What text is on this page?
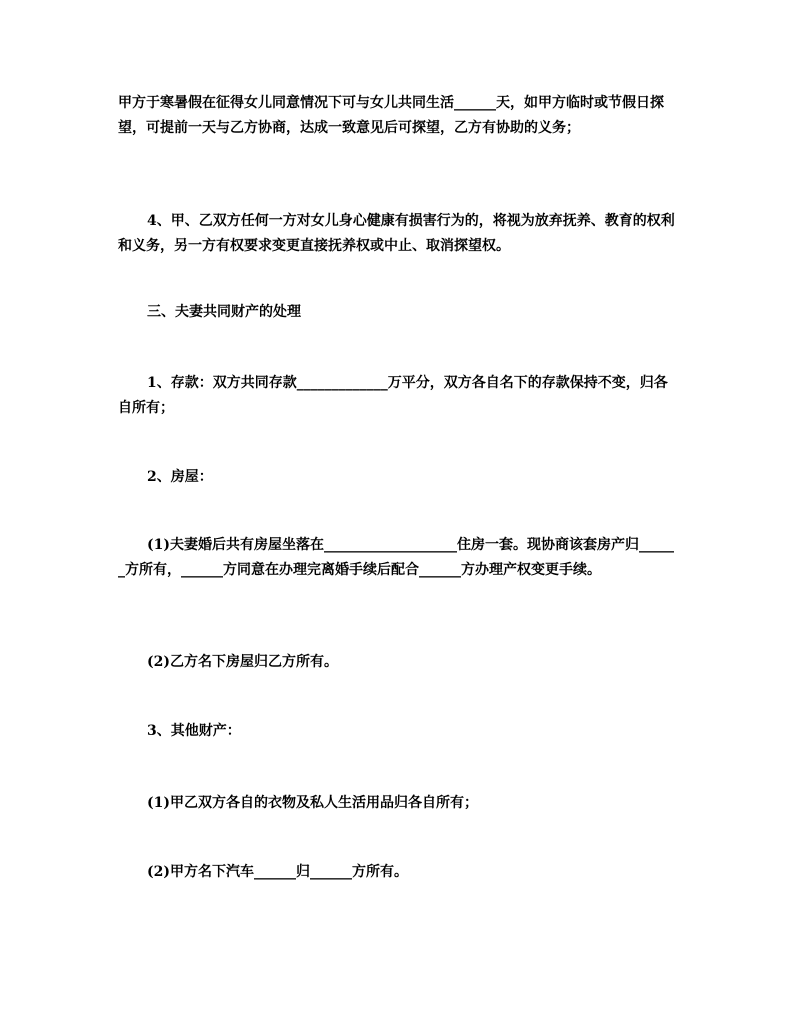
甲方于寒暑假在征得女儿同意情况下可与女儿共同生活______天，如甲方临时或节假日探望，可提前一天与乙方协商，达成一致意见后可探望，乙方有协助的义务；

4、甲、乙双方任何一方对女儿身心健康有损害行为的，将视为放弃抚养、教育的权利和义务，另一方有权要求变更直接抚养权或中止、取消探望权。

三、夫妻共同财产的处理

1、存款：双方共同存款_____________万平分，双方各自名下的存款保持不变，归各自所有；

2、房屋：

(1)夫妻婚后共有房屋坐落在___________________住房一套。现协商该套房产归______方所有，______方同意在办理完离婚手续后配合______方办理产权变更手续。

(2)乙方名下房屋归乙方所有。

3、其他财产：

(1)甲乙双方各自的衣物及私人生活用品归各自所有；

(2)甲方名下汽车______归______方所有。
